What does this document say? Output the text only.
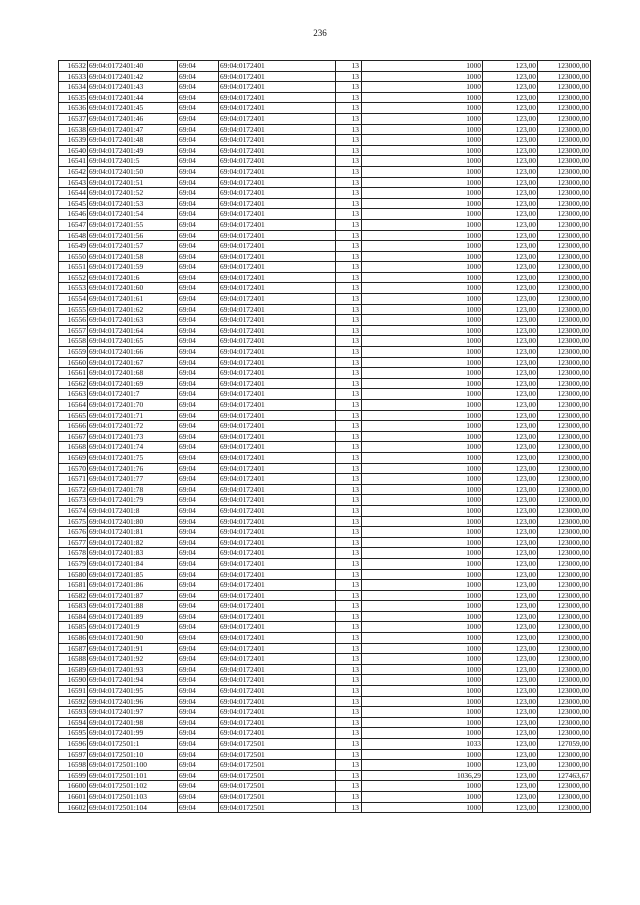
236
16532	69:04:0172401:40	69:04	69:04:0172401	13		1000	123,00	123000,00
16533	69:04:0172401:42	69:04	69:04:0172401	13		1000	123,00	123000,00
16534	69:04:0172401:43	69:04	69:04:0172401	13		1000	123,00	123000,00
16535	69:04:0172401:44	69:04	69:04:0172401	13		1000	123,00	123000,00
16536	69:04:0172401:45	69:04	69:04:0172401	13		1000	123,00	123000,00
16537	69:04:0172401:46	69:04	69:04:0172401	13		1000	123,00	123000,00
16538	69:04:0172401:47	69:04	69:04:0172401	13		1000	123,00	123000,00
16539	69:04:0172401:48	69:04	69:04:0172401	13		1000	123,00	123000,00
16540	69:04:0172401:49	69:04	69:04:0172401	13		1000	123,00	123000,00
16541	69:04:0172401:5	69:04	69:04:0172401	13		1000	123,00	123000,00
16542	69:04:0172401:50	69:04	69:04:0172401	13		1000	123,00	123000,00
16543	69:04:0172401:51	69:04	69:04:0172401	13		1000	123,00	123000,00
16544	69:04:0172401:52	69:04	69:04:0172401	13		1000	123,00	123000,00
16545	69:04:0172401:53	69:04	69:04:0172401	13		1000	123,00	123000,00
16546	69:04:0172401:54	69:04	69:04:0172401	13		1000	123,00	123000,00
16547	69:04:0172401:55	69:04	69:04:0172401	13		1000	123,00	123000,00
16548	69:04:0172401:56	69:04	69:04:0172401	13		1000	123,00	123000,00
16549	69:04:0172401:57	69:04	69:04:0172401	13		1000	123,00	123000,00
16550	69:04:0172401:58	69:04	69:04:0172401	13		1000	123,00	123000,00
16551	69:04:0172401:59	69:04	69:04:0172401	13		1000	123,00	123000,00
16552	69:04:0172401:6	69:04	69:04:0172401	13		1000	123,00	123000,00
16553	69:04:0172401:60	69:04	69:04:0172401	13		1000	123,00	123000,00
16554	69:04:0172401:61	69:04	69:04:0172401	13		1000	123,00	123000,00
16555	69:04:0172401:62	69:04	69:04:0172401	13		1000	123,00	123000,00
16556	69:04:0172401:63	69:04	69:04:0172401	13		1000	123,00	123000,00
16557	69:04:0172401:64	69:04	69:04:0172401	13		1000	123,00	123000,00
16558	69:04:0172401:65	69:04	69:04:0172401	13		1000	123,00	123000,00
16559	69:04:0172401:66	69:04	69:04:0172401	13		1000	123,00	123000,00
16560	69:04:0172401:67	69:04	69:04:0172401	13		1000	123,00	123000,00
16561	69:04:0172401:68	69:04	69:04:0172401	13		1000	123,00	123000,00
16562	69:04:0172401:69	69:04	69:04:0172401	13		1000	123,00	123000,00
16563	69:04:0172401:7	69:04	69:04:0172401	13		1000	123,00	123000,00
16564	69:04:0172401:70	69:04	69:04:0172401	13		1000	123,00	123000,00
16565	69:04:0172401:71	69:04	69:04:0172401	13		1000	123,00	123000,00
16566	69:04:0172401:72	69:04	69:04:0172401	13		1000	123,00	123000,00
16567	69:04:0172401:73	69:04	69:04:0172401	13		1000	123,00	123000,00
16568	69:04:0172401:74	69:04	69:04:0172401	13		1000	123,00	123000,00
16569	69:04:0172401:75	69:04	69:04:0172401	13		1000	123,00	123000,00
16570	69:04:0172401:76	69:04	69:04:0172401	13		1000	123,00	123000,00
16571	69:04:0172401:77	69:04	69:04:0172401	13		1000	123,00	123000,00
16572	69:04:0172401:78	69:04	69:04:0172401	13		1000	123,00	123000,00
16573	69:04:0172401:79	69:04	69:04:0172401	13		1000	123,00	123000,00
16574	69:04:0172401:8	69:04	69:04:0172401	13		1000	123,00	123000,00
16575	69:04:0172401:80	69:04	69:04:0172401	13		1000	123,00	123000,00
16576	69:04:0172401:81	69:04	69:04:0172401	13		1000	123,00	123000,00
16577	69:04:0172401:82	69:04	69:04:0172401	13		1000	123,00	123000,00
16578	69:04:0172401:83	69:04	69:04:0172401	13		1000	123,00	123000,00
16579	69:04:0172401:84	69:04	69:04:0172401	13		1000	123,00	123000,00
16580	69:04:0172401:85	69:04	69:04:0172401	13		1000	123,00	123000,00
16581	69:04:0172401:86	69:04	69:04:0172401	13		1000	123,00	123000,00
16582	69:04:0172401:87	69:04	69:04:0172401	13		1000	123,00	123000,00
16583	69:04:0172401:88	69:04	69:04:0172401	13		1000	123,00	123000,00
16584	69:04:0172401:89	69:04	69:04:0172401	13		1000	123,00	123000,00
16585	69:04:0172401:9	69:04	69:04:0172401	13		1000	123,00	123000,00
16586	69:04:0172401:90	69:04	69:04:0172401	13		1000	123,00	123000,00
16587	69:04:0172401:91	69:04	69:04:0172401	13		1000	123,00	123000,00
16588	69:04:0172401:92	69:04	69:04:0172401	13		1000	123,00	123000,00
16589	69:04:0172401:93	69:04	69:04:0172401	13		1000	123,00	123000,00
16590	69:04:0172401:94	69:04	69:04:0172401	13		1000	123,00	123000,00
16591	69:04:0172401:95	69:04	69:04:0172401	13		1000	123,00	123000,00
16592	69:04:0172401:96	69:04	69:04:0172401	13		1000	123,00	123000,00
16593	69:04:0172401:97	69:04	69:04:0172401	13		1000	123,00	123000,00
16594	69:04:0172401:98	69:04	69:04:0172401	13		1000	123,00	123000,00
16595	69:04:0172401:99	69:04	69:04:0172401	13		1000	123,00	123000,00
16596	69:04:0172501:1	69:04	69:04:0172501	13		1033	123,00	127059,00
16597	69:04:0172501:10	69:04	69:04:0172501	13		1000	123,00	123000,00
16598	69:04:0172501:100	69:04	69:04:0172501	13		1000	123,00	123000,00
16599	69:04:0172501:101	69:04	69:04:0172501	13		1036,29	123,00	127463,67
16600	69:04:0172501:102	69:04	69:04:0172501	13		1000	123,00	123000,00
16601	69:04:0172501:103	69:04	69:04:0172501	13		1000	123,00	123000,00
16602	69:04:0172501:104	69:04	69:04:0172501	13		1000	123,00	123000,00
